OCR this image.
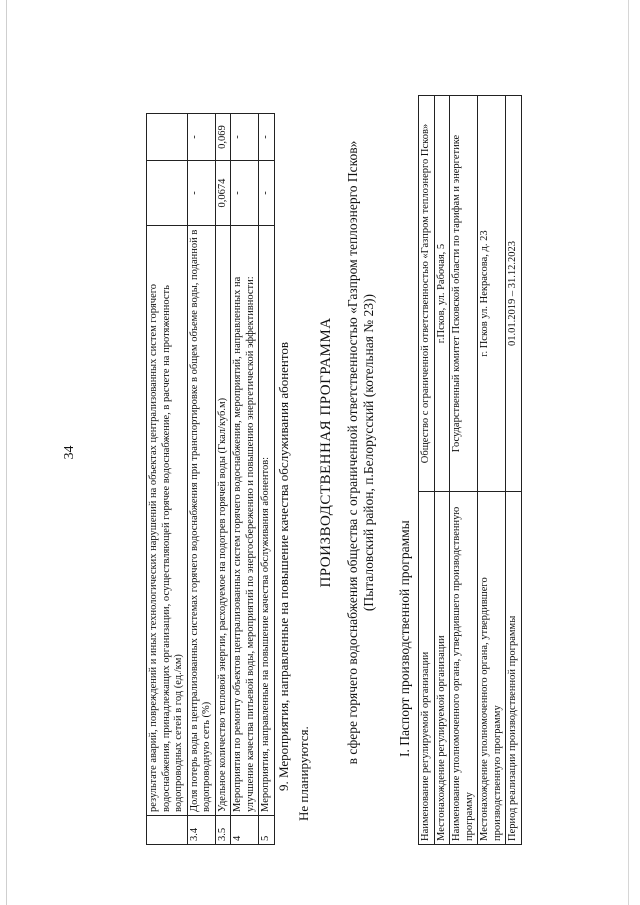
34
		результате аварий, повреждений и иных технологических нарушений на объектах централизованных систем горячего водоснабжения, принадлежащих организации, осуществляющей горячее водоснабжение, в расчете на протяженность водопроводных сетей в год (ед./км)		
3.4	Доля потерь воды в централизованных системах горячего водоснабжения при транспортировке в общем объеме воды, поданной в водопроводную сеть (%)	-	-
3.5	Удельное количество тепловой энергии, расходуемое на подогрев горячей воды (Гкал/куб.м)	0,0674	0,069
4	Мероприятия по ремонту объектов централизованных систем горячего водоснабжения, мероприятий, направленных на улучшение качества питьевой воды, мероприятий по энергосбережению и повышению энергетической эффективности:	-	-
5	Мероприятия, направленные на повышение качества обслуживания абонентов:	-	-
9. Мероприятия, направленные на повышение качества обслуживания абонентов Не планируются.
ПРОИЗВОДСТВЕННАЯ ПРОГРАММА в сфере горячего водоснабжения общества с ограниченной ответственностью «Газпром теплоэнерго Псков» (Пыталовский район, п.Белорусский (котельная № 23))
I. Паспорт производственной программы Наименование регулируемой организации	Общество с ограниченной ответственностью «Газпром теплоэнерго Псков»
Местонахождение регулируемой организации	г.Псков, ул. Рабочая, 5
Наименование уполномоченного органа, утвердившего производственную программу	Государственный комитет Псковской области по тарифам и энергетике
Местонахождение уполномоченного органа, утвердившего производственную программу	г. Псков ул. Некрасова, д. 23
Период реализации производственной программы	01.01.2019 – 31.12.2023
